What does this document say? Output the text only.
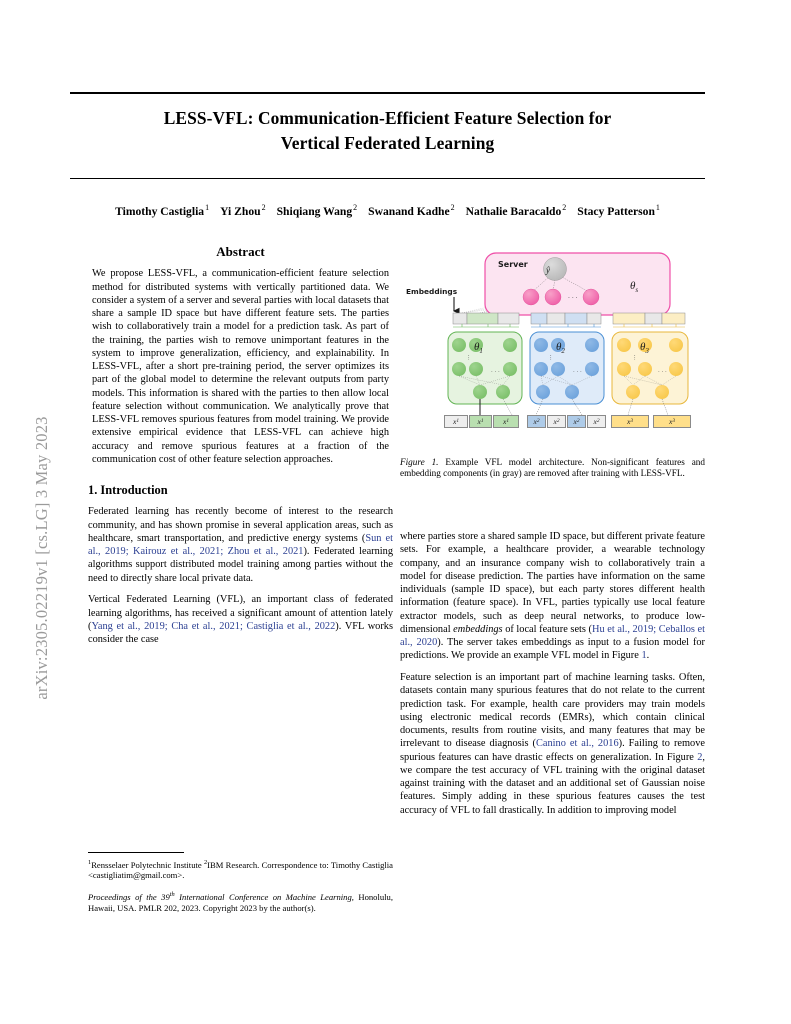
arXiv:2305.02219v1 [cs.LG] 3 May 2023
LESS-VFL: Communication-Efficient Feature Selection for
Vertical Federated Learning
Timothy Castiglia$^1$ Yi Zhou$^2$ Shiqiang Wang$^2$ Swanand Kadhe$^2$ Nathalie Baracaldo$^2$ Stacy Patterson$^1$
Abstract

We propose LESS-VFL, a communication-efficient feature selection method for distributed systems with vertically partitioned data. We consider a system of a server and several parties with local datasets that share a sample ID space but have different feature sets. The parties wish to collaboratively train a model for a prediction task. As part of the training, the parties wish to remove unimportant features in the system to improve generalization, efficiency, and explainability. In LESS-VFL, after a short pre-training period, the server optimizes its part of the global model to determine the relevant outputs from party models. This information is shared with the parties to then allow local feature selection without communication. We analytically prove that LESS-VFL removes spurious features from model training. We provide extensive empirical evidence that LESS-VFL can achieve high accuracy and remove spurious features at a fraction of the communication cost of other feature selection approaches.

1. Introduction

Federated learning has recently become of interest to the research community, and has shown promise in several application areas, such as healthcare, smart transportation, and predictive energy systems (Sun et al., 2019; Kairouz et al., 2021; Zhou et al., 2021). Federated learning algorithms support distributed model training among parties without the need to directly share local private data.

Vertical Federated Learning (VFL), an important class of federated learning algorithms, has received a significant amount of attention lately (Yang et al., 2019; Cha et al., 2021; Castiglia et al., 2022). VFL works consider the case

$^1$Rensselaer Polytechnic Institute $^2$IBM Research. Correspondence to: Timothy Castiglia <castigliatim@gmail.com>.

Proceedings of the 39th International Conference on Machine Learning, Honolulu, Hawaii, USA. PMLR 202, 2023. Copyright 2023 by the author(s).

· · ·
· · ·
⋮
· · ·
⋮
· · ·
⋮
Embeddings
Server
ŷ
$\theta_s$
$\theta_1$	$\theta_2$	$\theta_3$
x 1 x 1	x 1	x 2 x 2 x 2 x 2	x 3	x 3
Figure 1. Example VFL model architecture. Non-significant features and embedding components (in gray) are removed after training with LESS-VFL.

where parties store a shared sample ID space, but different private feature sets. For example, a healthcare provider, a wearable technology company, and an insurance company wish to collaboratively train a model for disease prediction. The parties have information on the same individuals (sample ID space), but each party stores different health information (feature space). In VFL, parties typically use local feature extractor models, such as deep neural networks, to produce low-dimensional embeddings of local feature sets (Hu et al., 2019; Ceballos et al., 2020). The server takes embeddings as input to a fusion model for predictions. We provide an example VFL model in Figure 1.

Feature selection is an important part of machine learning tasks. Often, datasets contain many spurious features that do not relate to the current prediction task. For example, health care providers may train models using electronic medical records (EMRs), which contain clinical documents, results from routine visits, and many features that may be irrelevant to disease diagnosis (Canino et al., 2016). Failing to remove spurious features can have drastic effects on generalization. In Figure 2, we compare the test accuracy of VFL training with the original dataset against training with the dataset and an additional set of Gaussian noise features. Simply adding in these spurious features causes the test accuracy of VFL to fall drastically. In addition to improving model
